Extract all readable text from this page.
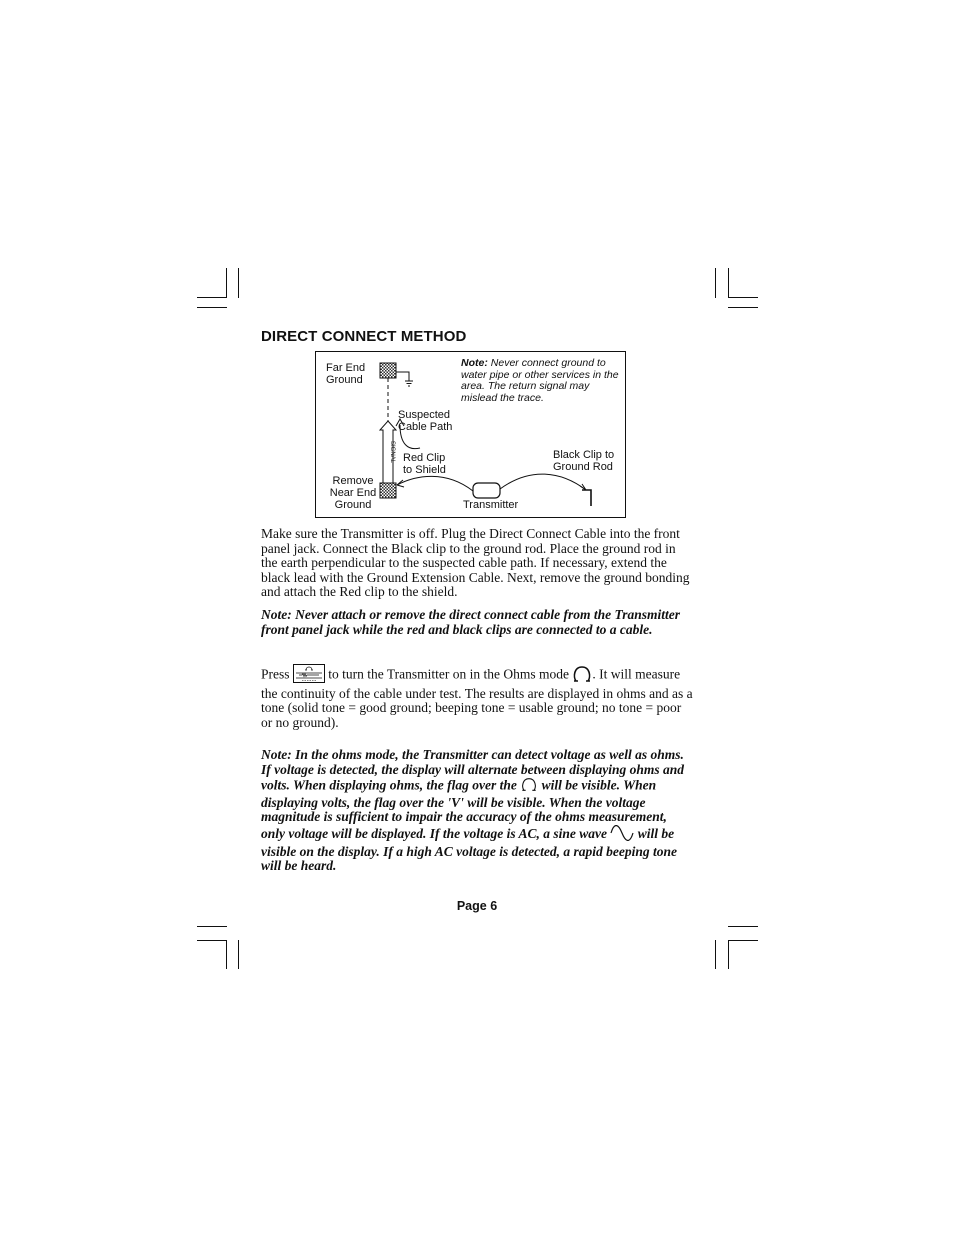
DIRECT CONNECT METHOD
SIGNAL
Far End
Ground
Note: Never connect ground to water pipe or other services in the area. The return signal may mislead the trace.
Suspected
Cable Path
Red Clip
to Shield
Black Clip to
Ground Rod
Remove
Near End
Ground	Transmitter
Make sure the Transmitter is off. Plug the Direct Connect Cable into the front panel jack. Connect the Black clip to the ground rod. Place the ground rod in the earth perpendicular to the suspected cable path. If necessary, extend the black lead with the Ground Extension Cable. Next, remove the ground bonding and attach the Red clip to the shield.
Note: Never attach or remove the direct connect cable from the Transmitter front panel jack while the red and black clips are connected to a cable.
Press	to turn the Transmitter on in the Ohms mode . It will measure the continuity of the cable under test. The results are displayed in ohms and as a tone (solid tone = good ground; beeping tone = usable ground; no tone = poor or no ground).
Note: In the ohms mode, the Transmitter can detect voltage as well as ohms. If voltage is detected, the display will alternate between displaying ohms and volts. When displaying ohms, the flag over the will be visible. When displaying volts, the flag over the 'V' will be visible. When the voltage magnitude is sufficient to impair the accuracy of the ohms measurement, only voltage will be displayed. If the voltage is AC, a sine wave will be visible on the display. If a high AC voltage is detected, a rapid beeping tone will be heard.
Page 6
